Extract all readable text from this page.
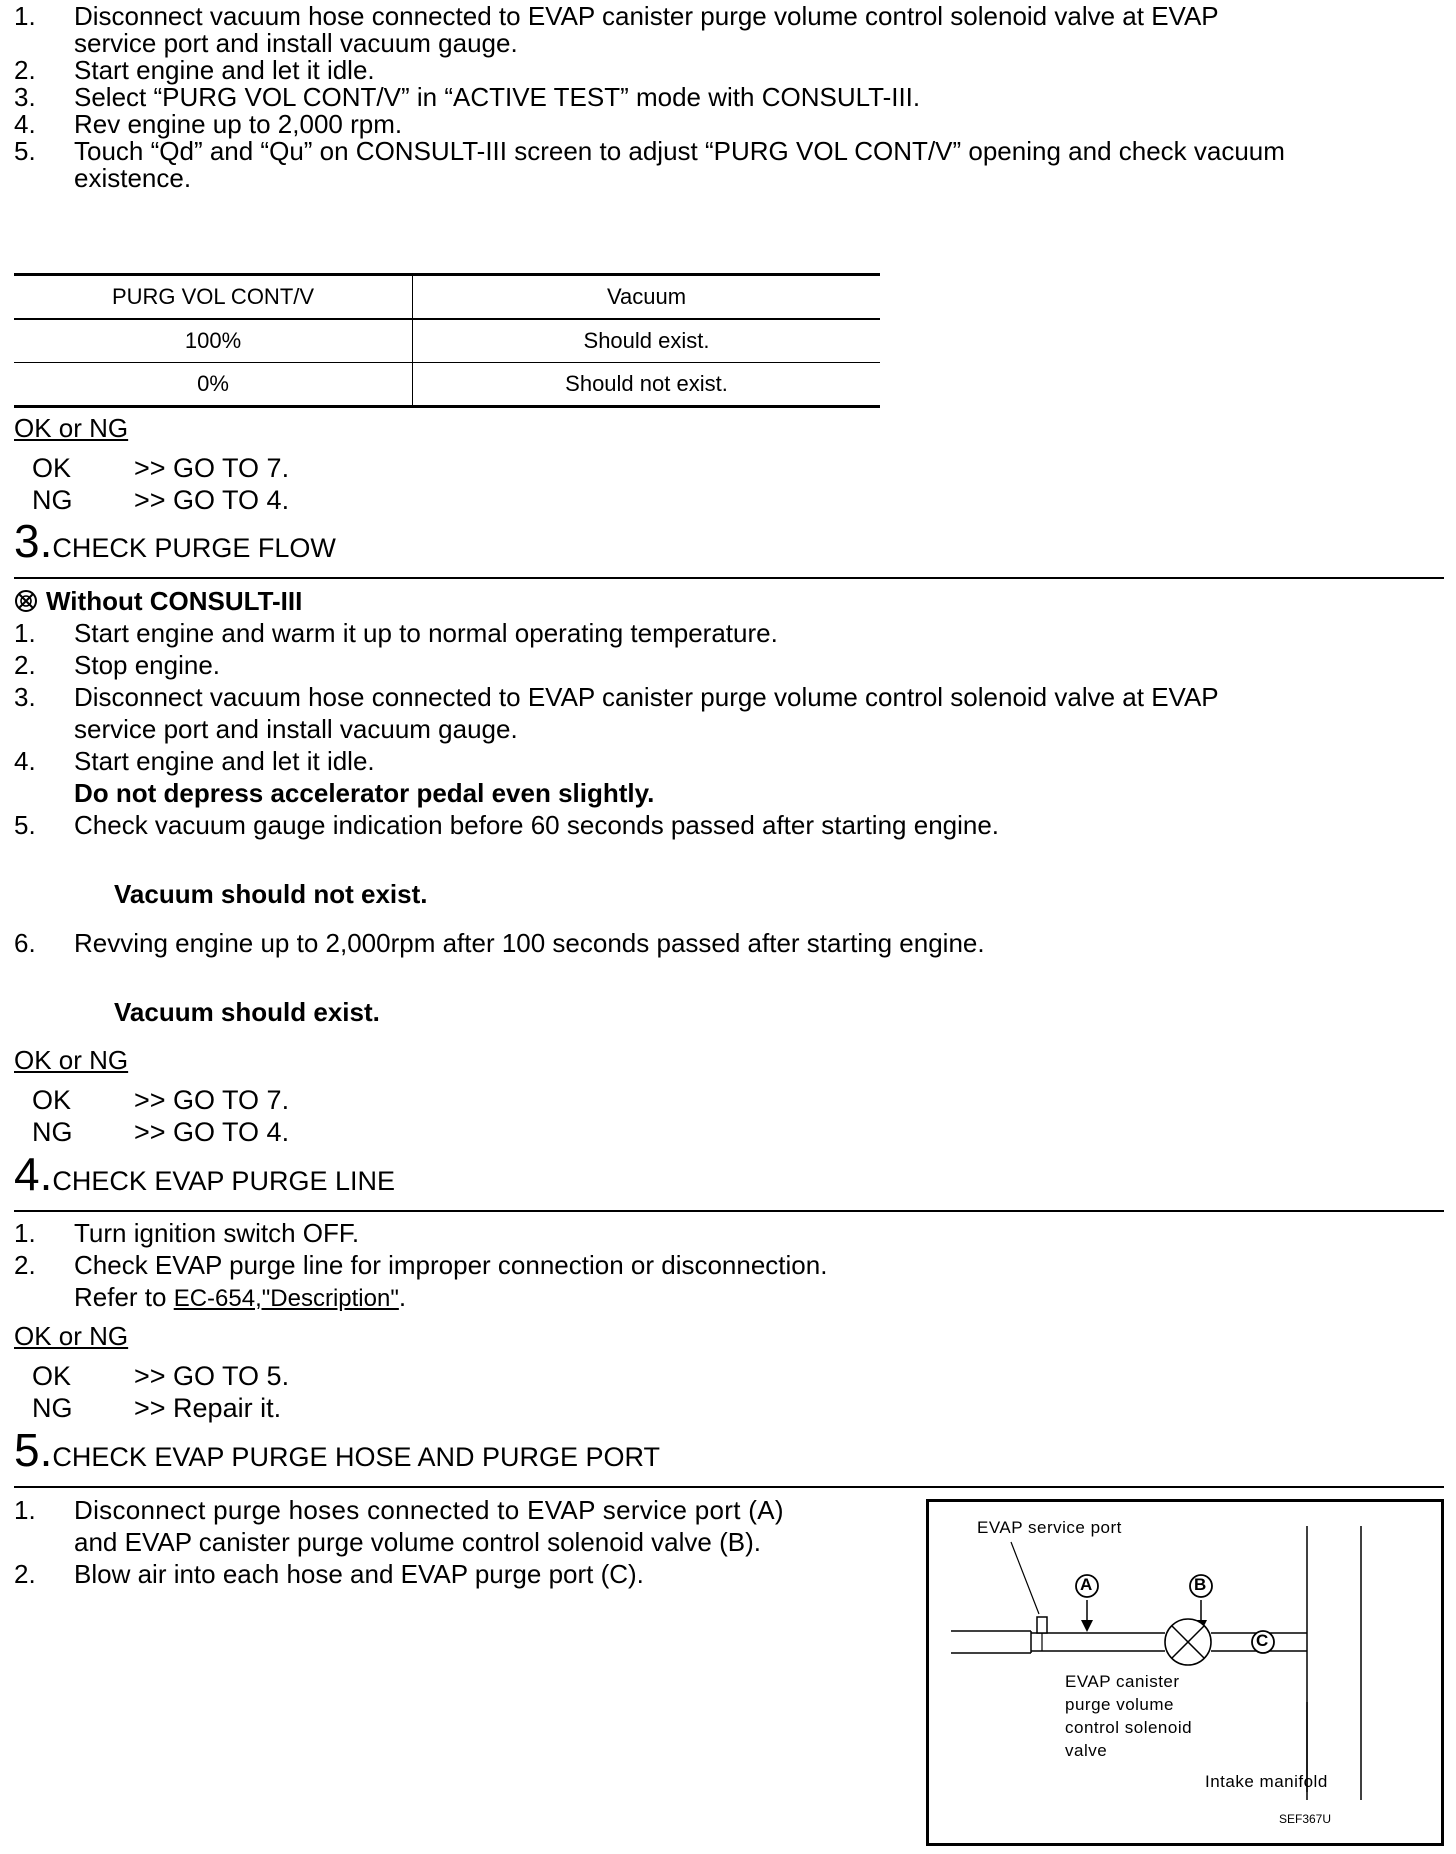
1. Disconnect vacuum hose connected to EVAP canister purge volume control solenoid valve at EVAP
service port and install vacuum gauge.
2. Start engine and let it idle.
3. Select “PURG VOL CONT/V” in “ACTIVE TEST” mode with CONSULT-III.
4. Rev engine up to 2,000 rpm.
5. Touch “Qd” and “Qu” on CONSULT-III screen to adjust “PURG VOL CONT/V” opening and check vacuum
existence.
PURG VOL CONT/V	Vacuum
100%	Should exist.
0%	Should not exist.
OK or NG
OK >> GO TO 7.
NG >> GO TO 4.
3.CHECK PURGE FLOW
Without CONSULT-III
1. Start engine and warm it up to normal operating temperature.
2. Stop engine.
3. Disconnect vacuum hose connected to EVAP canister purge volume control solenoid valve at EVAP
service port and install vacuum gauge.
4. Start engine and let it idle.
Do not depress accelerator pedal even slightly.
5. Check vacuum gauge indication before 60 seconds passed after starting engine.
Vacuum should not exist.
6. Revving engine up to 2,000rpm after 100 seconds passed after starting engine.
Vacuum should exist.
OK or NG
OK >> GO TO 7.
NG >> GO TO 4.
4.CHECK EVAP PURGE LINE
1. Turn ignition switch OFF.
2. Check EVAP purge line for improper connection or disconnection.
Refer to EC-654,"Description".
OK or NG
OK >> GO TO 5.
NG >> Repair it.
5.CHECK EVAP PURGE HOSE AND PURGE PORT
1. Disconnect purge hoses connected to EVAP service port (A)
and EVAP canister purge volume control solenoid valve (B).
2. Blow air into each hose and EVAP purge port (C).
EVAP service port
A	B
C
EVAP canister
purge volume
control solenoid
valve
Intake manifold
SEF367U
